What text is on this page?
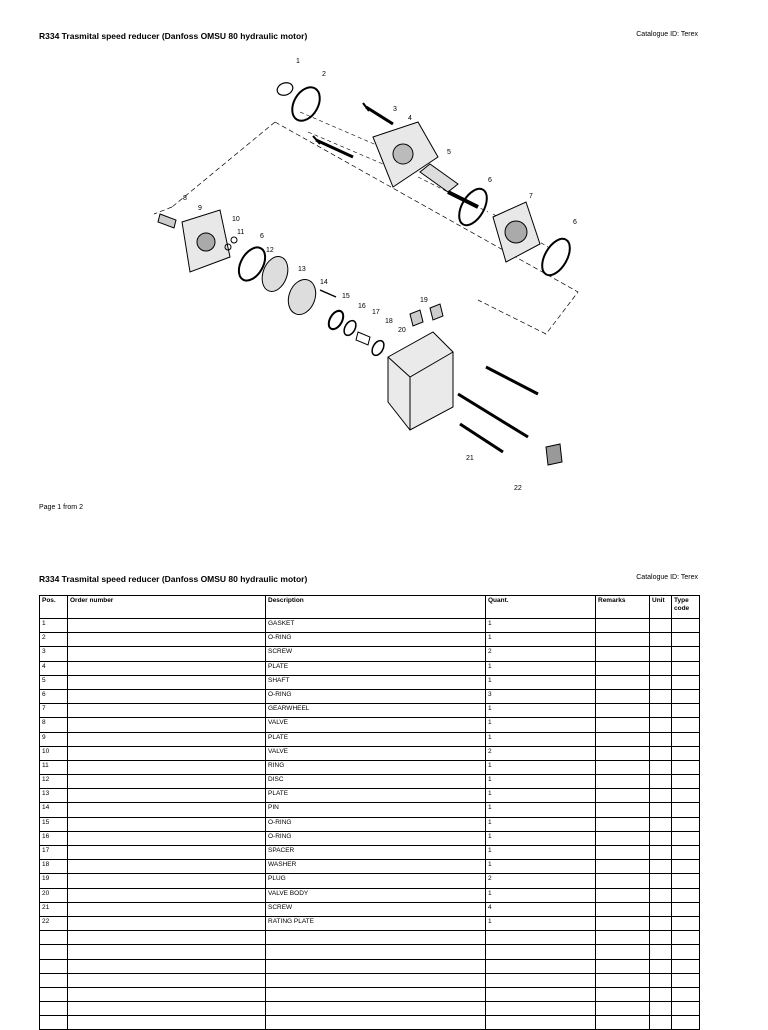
R334 Trasmital speed reducer (Danfoss OMSU 80 hydraulic motor)	Catalogue ID: Terex
1
2
3
4
5
6
7
6
8
9
10
11
6
12
13
14
15
16
17
18
19
20
21
22
Page 1 from 2
R334 Trasmital speed reducer (Danfoss OMSU 80 hydraulic motor)	Catalogue ID: Terex
Pos.	Order number	Description	Quant.	Remarks	Unit	Type code
1		GASKET	1			
2		O-RING	1			
3		SCREW	2			
4		PLATE	1			
5		SHAFT	1			
6		O-RING	3			
7		GEARWHEEL	1			
8		VALVE	1			
9		PLATE	1			
10		VALVE	2			
11		RING	1			
12		DISC	1			
13		PLATE	1			
14		PIN	1			
15		O-RING	1			
16		O-RING	1			
17		SPACER	1			
18		WASHER	1			
19		PLUG	2			
20		VALVE BODY	1			
21		SCREW	4			
22		RATING PLATE	1			
